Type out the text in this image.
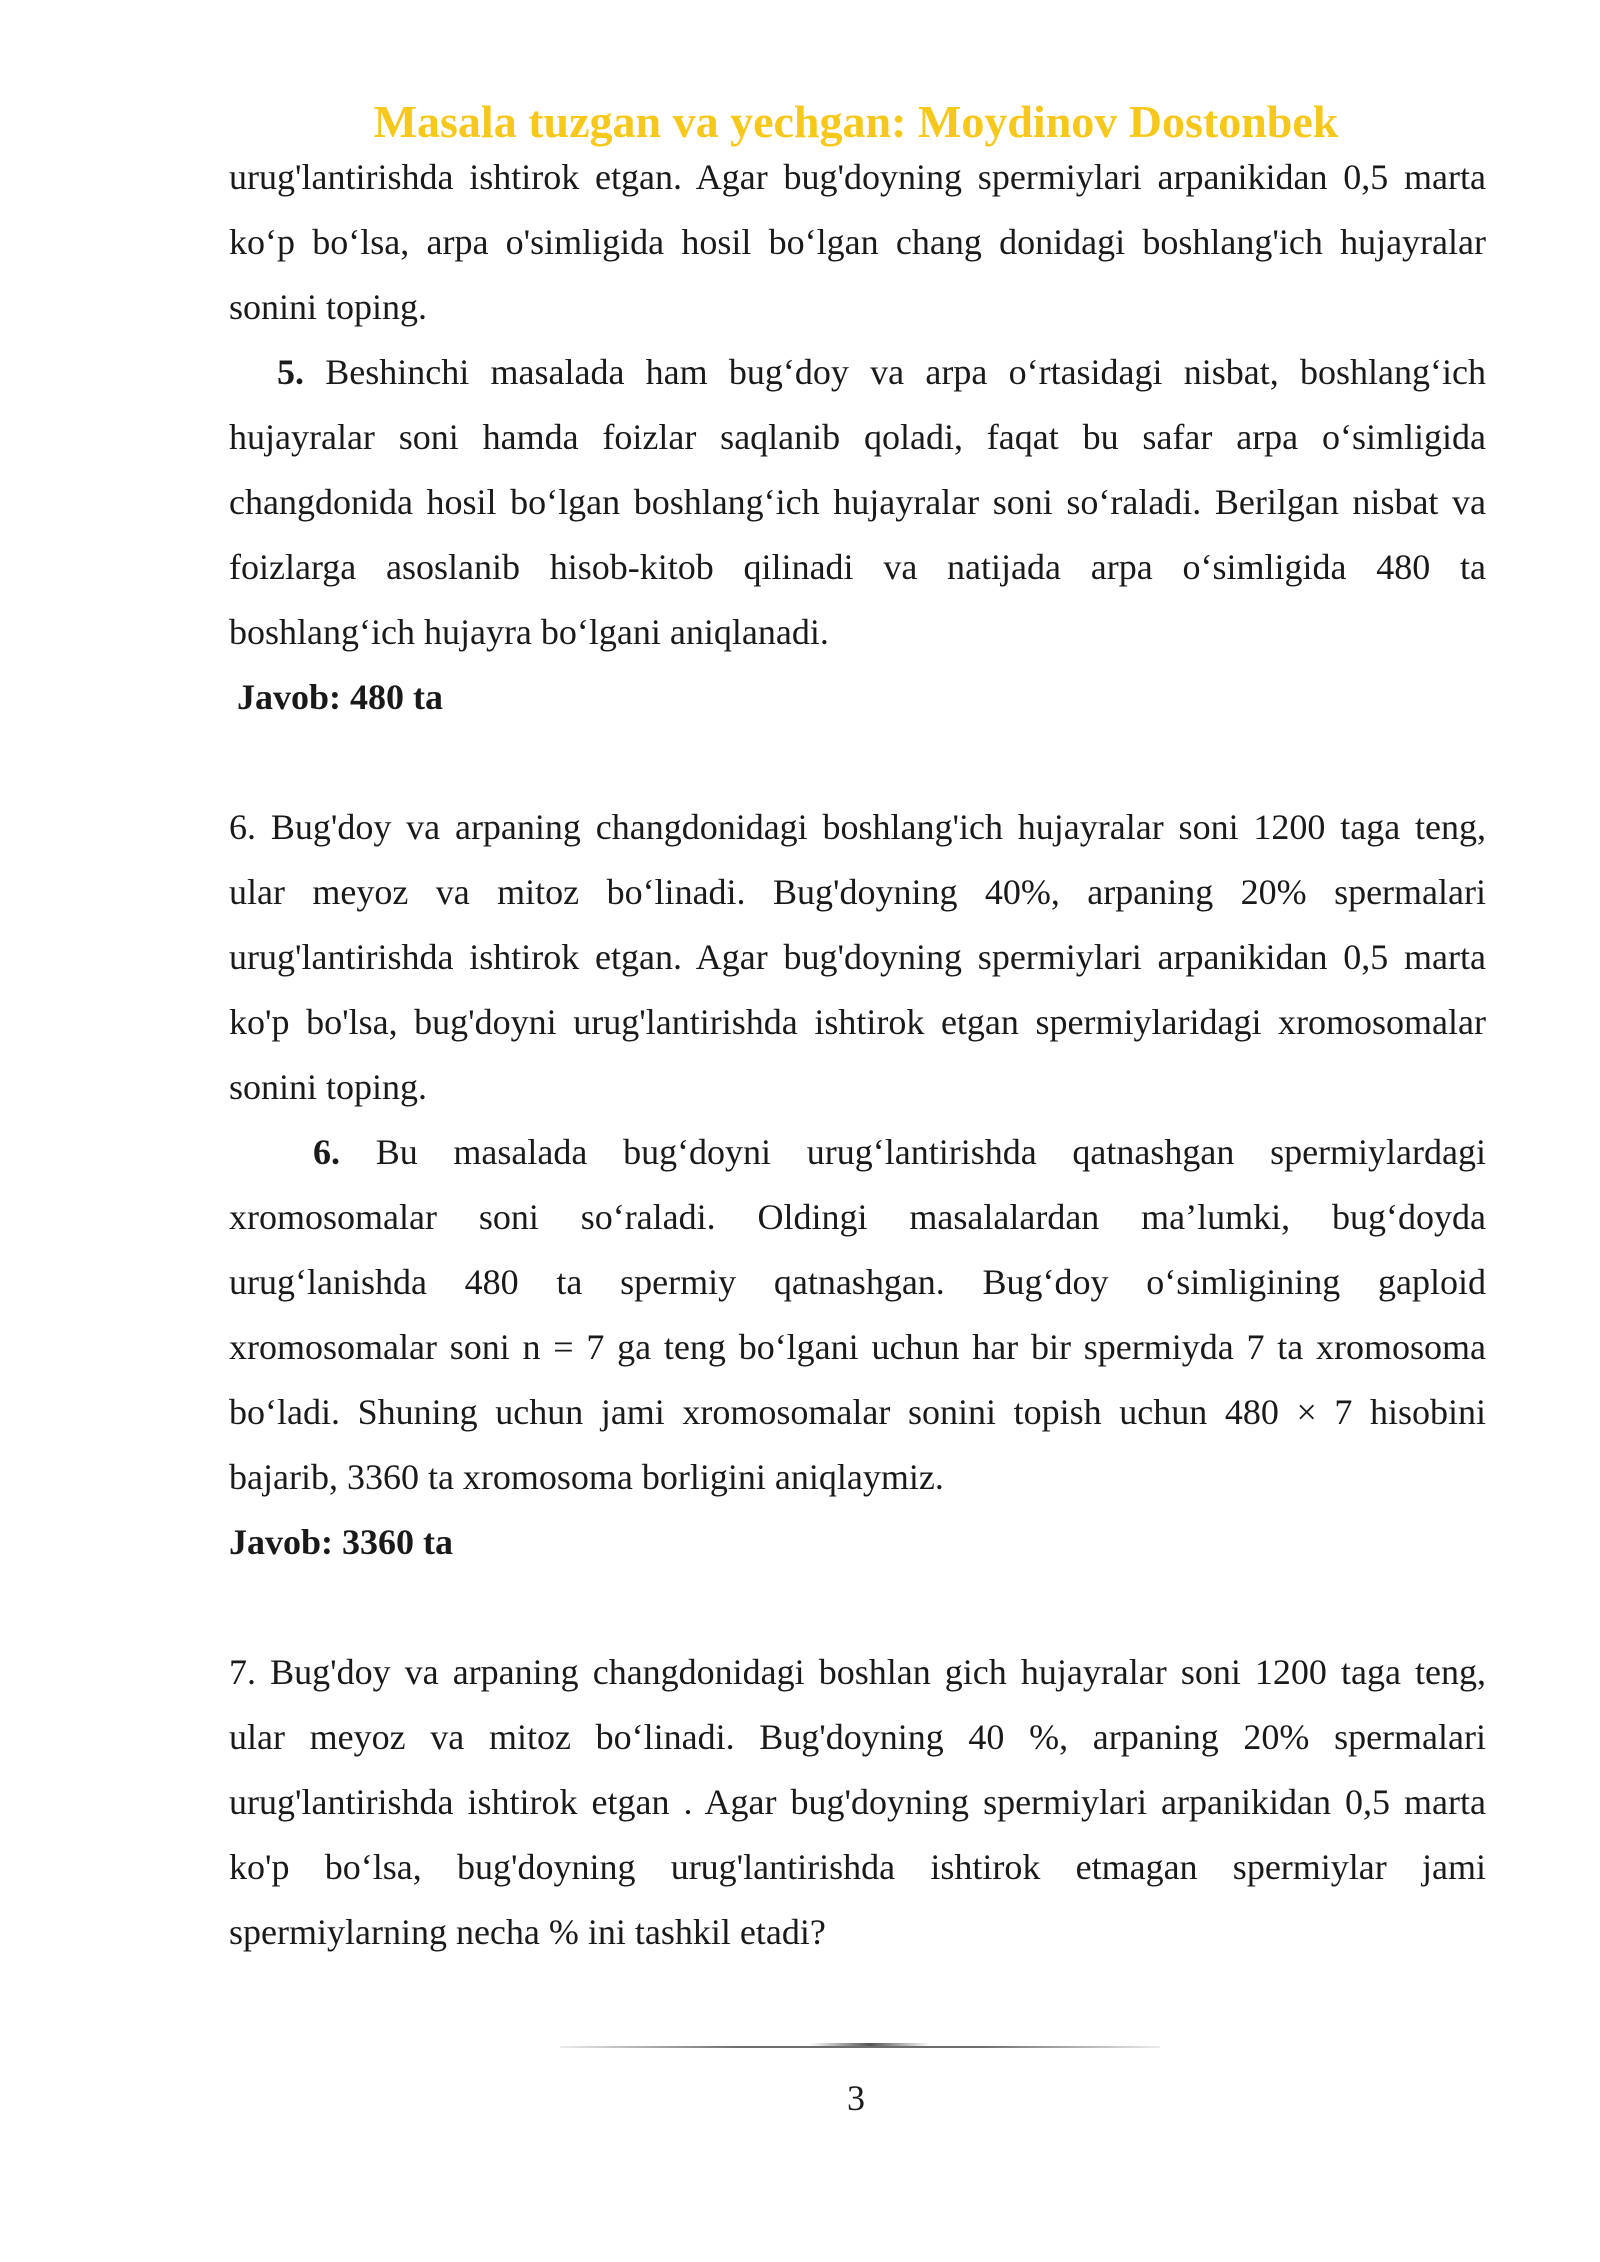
Masala tuzgan va yechgan: Moydinov Dostonbek

urug'lantirishda ishtirok etgan. Agar bug'doyning spermiylari arpanikidan 0,5 marta ko‘p bo‘lsa, arpa o'simligida hosil bo‘lgan chang donidagi boshlang'ich hujayralar sonini toping.

5. Beshinchi masalada ham bug‘doy va arpa o‘rtasidagi nisbat, boshlang‘ich hujayralar soni hamda foizlar saqlanib qoladi, faqat bu safar arpa o‘simligida changdonida hosil bo‘lgan boshlang‘ich hujayralar soni so‘raladi. Berilgan nisbat va foizlarga asoslanib hisob-kitob qilinadi va natijada arpa o‘simligida 480 ta boshlang‘ich hujayra bo‘lgani aniqlanadi.

Javob: 480 ta

6. Bug'doy va arpaning changdonidagi boshlang'ich hujayralar soni 1200 taga teng, ular meyoz va mitoz bo‘linadi. Bug'doyning 40%, arpaning 20% spermalari urug'lantirishda ishtirok etgan. Agar bug'doyning spermiylari arpanikidan 0,5 marta ko'p bo'lsa, bug'doyni urug'lantirishda ishtirok etgan spermiylaridagi xromosomalar sonini toping.

6. Bu masalada bug‘doyni urug‘lantirishda qatnashgan spermiylardagi xromosomalar soni so‘raladi. Oldingi masalalardan ma’lumki, bug‘doyda urug‘lanishda 480 ta spermiy qatnashgan. Bug‘doy o‘simligining gaploid xromosomalar soni n = 7 ga teng bo‘lgani uchun har bir spermiyda 7 ta xromosoma bo‘ladi. Shuning uchun jami xromosomalar sonini topish uchun 480 × 7 hisobini bajarib, 3360 ta xromosoma borligini aniqlaymiz.

Javob: 3360 ta

7. Bug'doy va arpaning changdonidagi boshlan gich hujayralar soni 1200 taga teng, ular meyoz va mitoz bo‘linadi. Bug'doyning 40 %, arpaning 20% spermalari urug'lantirishda ishtirok etgan . Agar bug'doyning spermiylari arpanikidan 0,5 marta ko'p bo‘lsa, bug'doyning urug'lantirishda ishtirok etmagan spermiylar jami spermiylarning necha % ini tashkil etadi?

3
